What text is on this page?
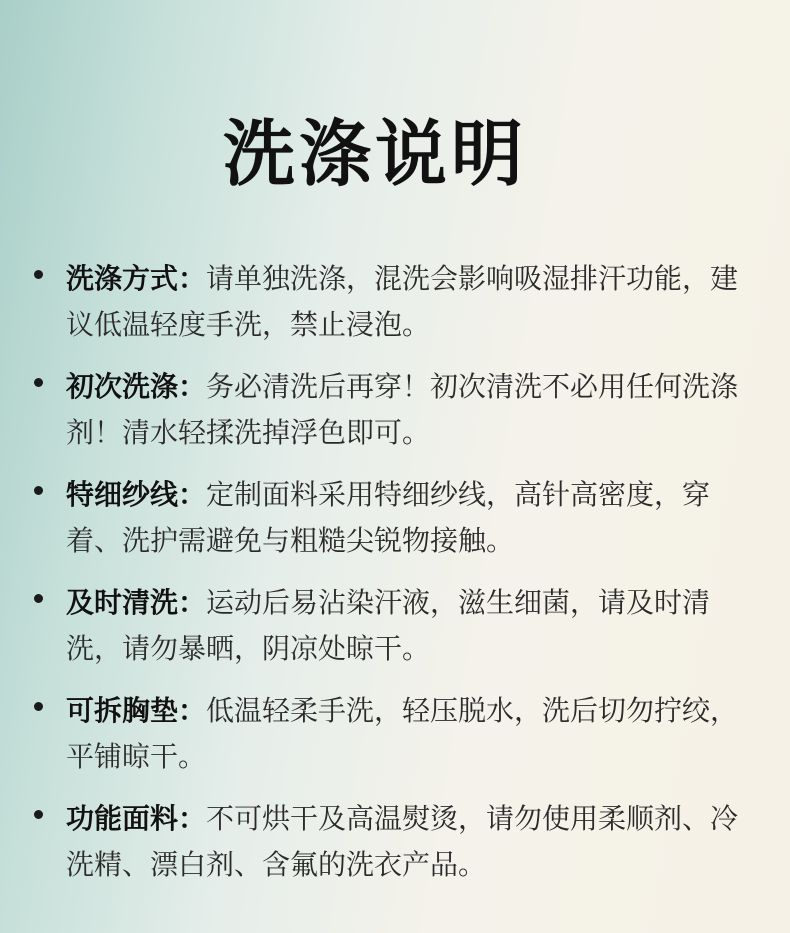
洗涤说明
洗涤方式：请单独洗涤，混洗会影响吸湿排汗功能，建议低温轻度手洗，禁止浸泡。
初次洗涤：务必清洗后再穿！初次清洗不必用任何洗涤剂！清水轻揉洗掉浮色即可。
特细纱线：定制面料采用特细纱线，高针高密度，穿着、洗护需避免与粗糙尖锐物接触。
及时清洗：运动后易沾染汗液，滋生细菌，请及时清洗，请勿暴晒，阴凉处晾干。
可拆胸垫：低温轻柔手洗，轻压脱水，洗后切勿拧绞，平铺晾干。
功能面料：不可烘干及高温熨烫，请勿使用柔顺剂、冷洗精、漂白剂、含氟的洗衣产品。
